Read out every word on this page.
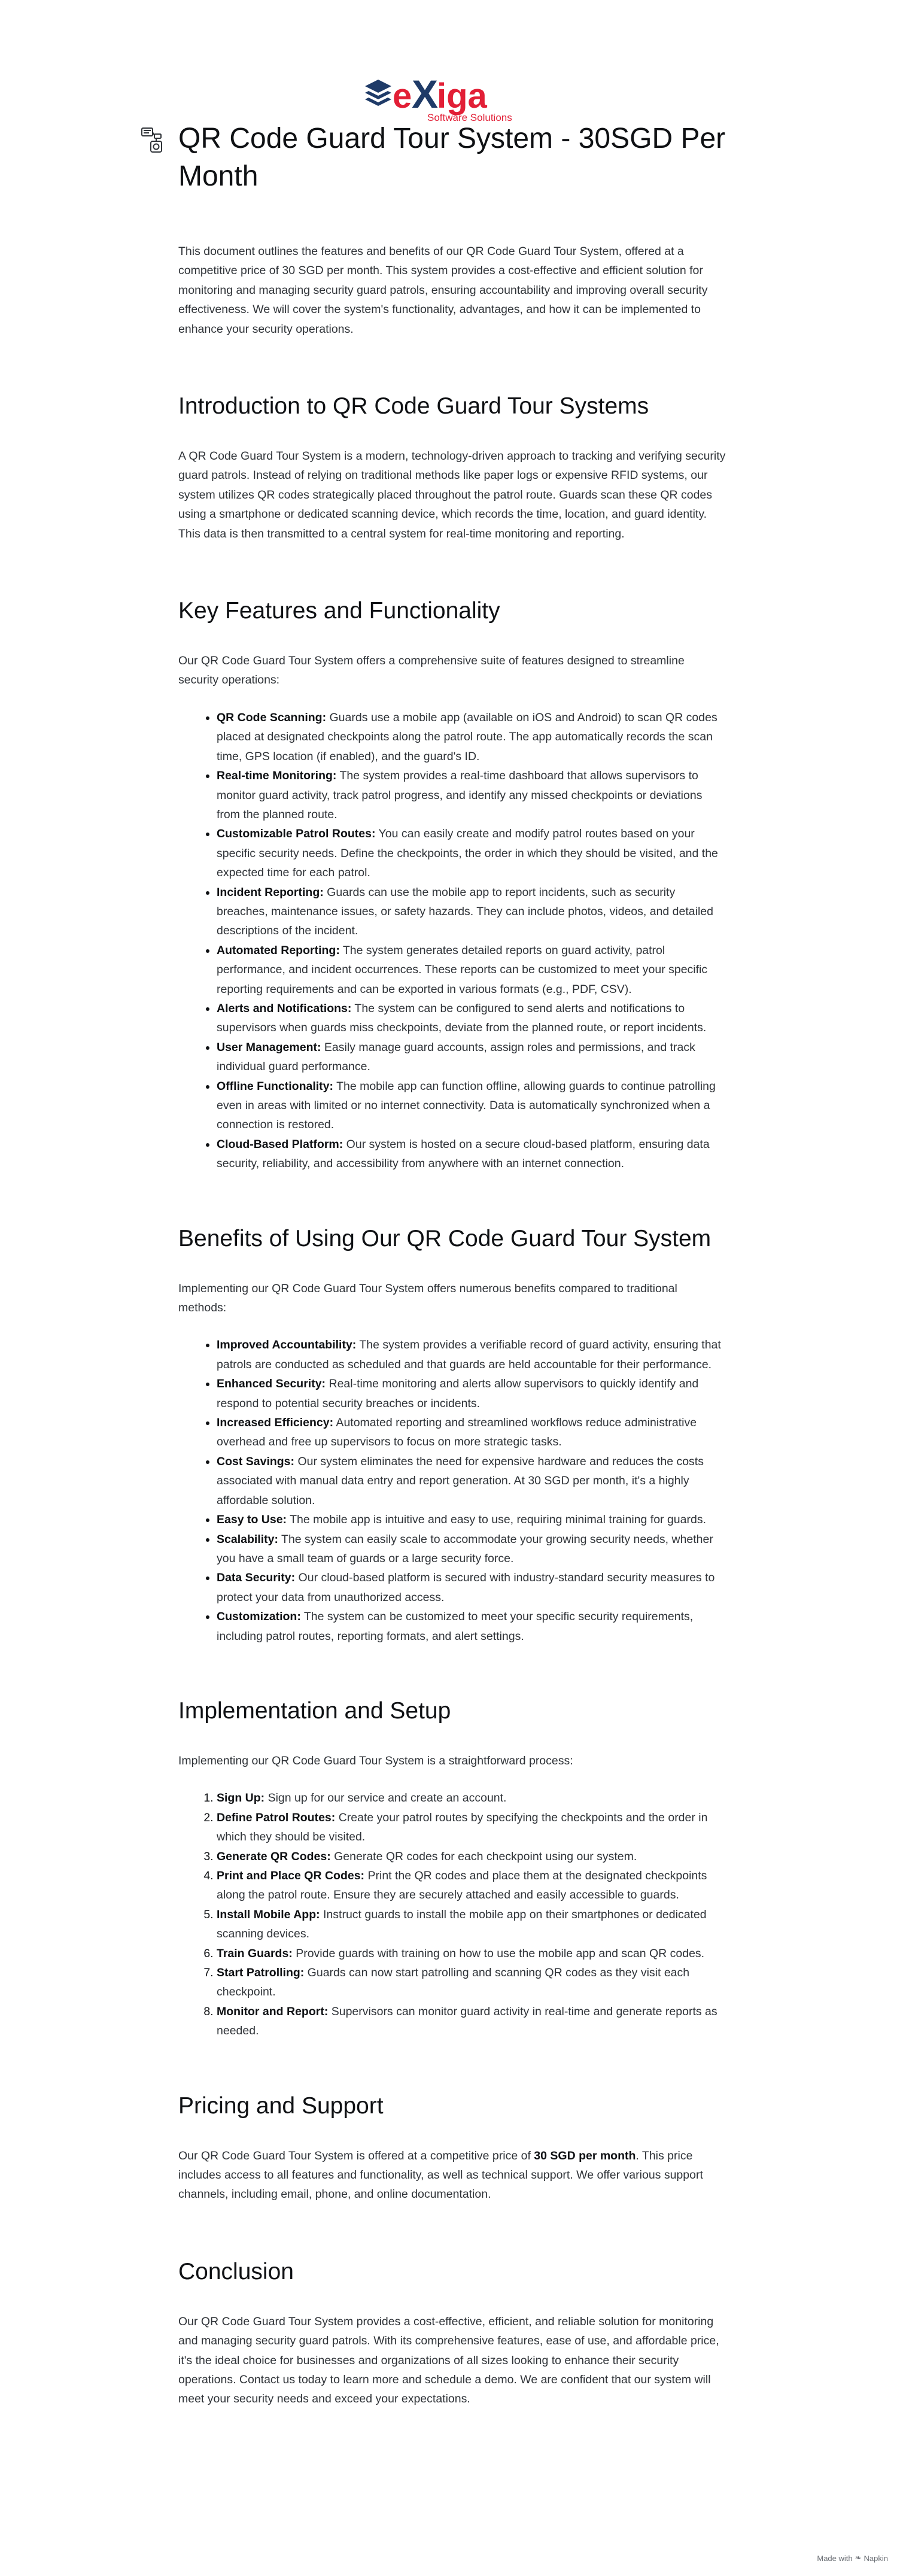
e X
iga
Software Solutions
QR Code Guard Tour System - 30SGD Per Month

This document outlines the features and benefits of our QR Code Guard Tour System, offered at a competitive price of 30 SGD per month. This system provides a cost-effective and efficient solution for monitoring and managing security guard patrols, ensuring accountability and improving overall security effectiveness. We will cover the system's functionality, advantages, and how it can be implemented to enhance your security operations.

Introduction to QR Code Guard Tour Systems

A QR Code Guard Tour System is a modern, technology-driven approach to tracking and verifying security guard patrols. Instead of relying on traditional methods like paper logs or expensive RFID systems, our system utilizes QR codes strategically placed throughout the patrol route. Guards scan these QR codes using a smartphone or dedicated scanning device, which records the time, location, and guard identity. This data is then transmitted to a central system for real-time monitoring and reporting.

Key Features and Functionality

Our QR Code Guard Tour System offers a comprehensive suite of features designed to streamline security operations:

• QR Code Scanning: Guards use a mobile app (available on iOS and Android) to scan QR codes placed at designated checkpoints along the patrol route. The app automatically records the scan time, GPS location (if enabled), and the guard's ID.
• Real-time Monitoring: The system provides a real-time dashboard that allows supervisors to monitor guard activity, track patrol progress, and identify any missed checkpoints or deviations from the planned route.
• Customizable Patrol Routes: You can easily create and modify patrol routes based on your specific security needs. Define the checkpoints, the order in which they should be visited, and the expected time for each patrol.
• Incident Reporting: Guards can use the mobile app to report incidents, such as security breaches, maintenance issues, or safety hazards. They can include photos, videos, and detailed descriptions of the incident.
• Automated Reporting: The system generates detailed reports on guard activity, patrol performance, and incident occurrences. These reports can be customized to meet your specific reporting requirements and can be exported in various formats (e.g., PDF, CSV).
• Alerts and Notifications: The system can be configured to send alerts and notifications to supervisors when guards miss checkpoints, deviate from the planned route, or report incidents.
• User Management: Easily manage guard accounts, assign roles and permissions, and track individual guard performance.
• Offline Functionality: The mobile app can function offline, allowing guards to continue patrolling even in areas with limited or no internet connectivity. Data is automatically synchronized when a connection is restored.
• Cloud-Based Platform: Our system is hosted on a secure cloud-based platform, ensuring data security, reliability, and accessibility from anywhere with an internet connection.
Benefits of Using Our QR Code Guard Tour System

Implementing our QR Code Guard Tour System offers numerous benefits compared to traditional methods:

• Improved Accountability: The system provides a verifiable record of guard activity, ensuring that patrols are conducted as scheduled and that guards are held accountable for their performance.
• Enhanced Security: Real-time monitoring and alerts allow supervisors to quickly identify and respond to potential security breaches or incidents.
• Increased Efficiency: Automated reporting and streamlined workflows reduce administrative overhead and free up supervisors to focus on more strategic tasks.
• Cost Savings: Our system eliminates the need for expensive hardware and reduces the costs associated with manual data entry and report generation. At 30 SGD per month, it's a highly affordable solution.
• Easy to Use: The mobile app is intuitive and easy to use, requiring minimal training for guards.
• Scalability: The system can easily scale to accommodate your growing security needs, whether you have a small team of guards or a large security force.
• Data Security: Our cloud-based platform is secured with industry-standard security measures to protect your data from unauthorized access.
• Customization: The system can be customized to meet your specific security requirements, including patrol routes, reporting formats, and alert settings.
Implementation and Setup

Implementing our QR Code Guard Tour System is a straightforward process:

1. Sign Up: Sign up for our service and create an account.
2. Define Patrol Routes: Create your patrol routes by specifying the checkpoints and the order in which they should be visited.
3. Generate QR Codes: Generate QR codes for each checkpoint using our system.
4. Print and Place QR Codes: Print the QR codes and place them at the designated checkpoints along the patrol route. Ensure they are securely attached and easily accessible to guards.
5. Install Mobile App: Instruct guards to install the mobile app on their smartphones or dedicated scanning devices.
6. Train Guards: Provide guards with training on how to use the mobile app and scan QR codes.
7. Start Patrolling: Guards can now start patrolling and scanning QR codes as they visit each checkpoint.
8. Monitor and Report: Supervisors can monitor guard activity in real-time and generate reports as needed.
Pricing and Support

Our QR Code Guard Tour System is offered at a competitive price of 30 SGD per month. This price includes access to all features and functionality, as well as technical support. We offer various support channels, including email, phone, and online documentation.

Conclusion

Our QR Code Guard Tour System provides a cost-effective, efficient, and reliable solution for monitoring and managing security guard patrols. With its comprehensive features, ease of use, and affordable price, it's the ideal choice for businesses and organizations of all sizes looking to enhance their security operations. Contact us today to learn more and schedule a demo. We are confident that our system will meet your security needs and exceed your expectations.

Made with ❧ Napkin
